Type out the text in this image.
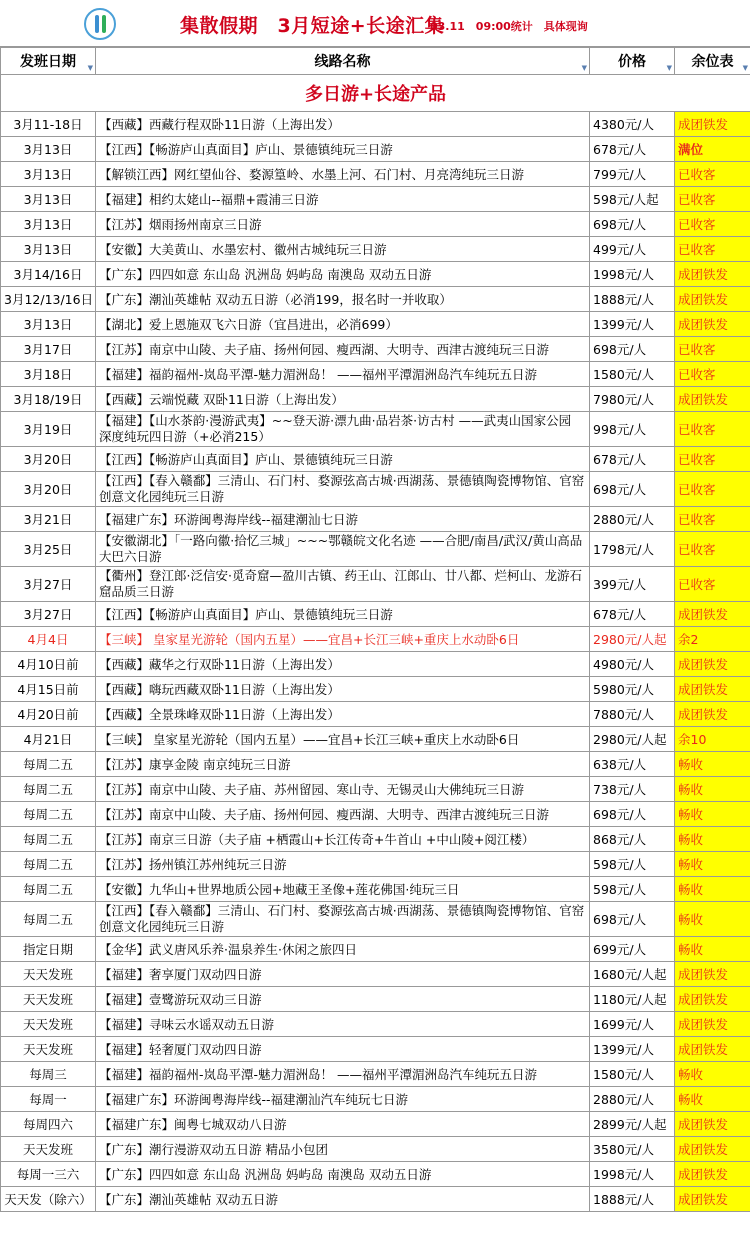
集散假期　3月短途+长途汇集
03.11　09:00统计　具体现询
发班日期 ▼	线路名称 ▼	价格 ▼	余位表 ▼

多日游+长途产品			
3月11-18日	【西藏】西藏行程双卧11日游（上海出发）	4380元/人	成团铁发
3月13日	【江西】【畅游庐山真面目】庐山、景德镇纯玩三日游	678元/人	满位
3月13日	【解锁江西】网红望仙谷、婺源篁岭、水墨上河、石门村、月亮湾纯玩三日游	799元/人	已收客
3月13日	【福建】相约太姥山--福鼎+霞浦三日游	598元/人起	已收客
3月13日	【江苏】烟雨扬州南京三日游	698元/人	已收客
3月13日	【安徽】大美黄山、水墨宏村、徽州古城纯玩三日游	499元/人	已收客
3月14/16日	【广东】四四如意 东山岛 汎洲岛 妈屿岛 南澳岛 双动五日游	1998元/人	成团铁发
3月12/13/16日	【广东】潮汕英雄帖 双动五日游（必消199，报名时一并收取）	1888元/人	成团铁发
3月13日	【湖北】爱上恩施双飞六日游（宜昌进出，必消699）	1399元/人	成团铁发
3月17日	【江苏】南京中山陵、夫子庙、扬州何园、瘦西湖、大明寺、西津古渡纯玩三日游	698元/人	已收客
3月18日	【福建】福韵福州-岚岛平潭-魅力湄洲岛！ ——福州平潭湄洲岛汽车纯玩五日游	1580元/人	已收客
3月18/19日	【西藏】云端悦藏 双卧11日游（上海出发）	7980元/人	成团铁发
3月19日	【福建】【山水茶韵·漫游武夷】~~登天游·漂九曲·品岩茶·访古村 ——武夷山国家公园 深度纯玩四日游（+必消215）	998元/人	已收客
3月20日	【江西】【畅游庐山真面目】庐山、景德镇纯玩三日游	678元/人	已收客
3月20日	【江西】【春入赣鄱】三清山、石门村、婺源弦高古城·西湖荡、景德镇陶瓷博物馆、官窑创意文化园纯玩三日游	698元/人	已收客
3月21日	【福建广东】环游闽粤海岸线--福建潮汕七日游	2880元/人	已收客
3月25日	【安徽湖北】「一路向徽·拾忆三城」~~~鄂赣皖文化名迹 ——合肥/南昌/武汉/黄山高品大巴六日游	1798元/人	已收客
3月27日	【衢州】登江郎·泛信安·觅奇窟—盈川古镇、药王山、江郎山、廿八都、烂柯山、龙游石窟品质三日游	399元/人	已收客
3月27日	【江西】【畅游庐山真面目】庐山、景德镇纯玩三日游	678元/人	成团铁发
4月4日	【三峡】 皇家星光游轮（国内五星）——宜昌+长江三峡+重庆上水动卧6日	2980元/人起	余2
4月10日前	【西藏】藏华之行双卧11日游（上海出发）	4980元/人	成团铁发
4月15日前	【西藏】嗨玩西藏双卧11日游（上海出发）	5980元/人	成团铁发
4月20日前	【西藏】全景珠峰双卧11日游（上海出发）	7880元/人	成团铁发
4月21日	【三峡】 皇家星光游轮（国内五星）——宜昌+长江三峡+重庆上水动卧6日	2980元/人起	余10
每周二五	【江苏】康享金陵 南京纯玩三日游	638元/人	畅收
每周二五	【江苏】南京中山陵、夫子庙、苏州留园、寒山寺、无锡灵山大佛纯玩三日游	738元/人	畅收
每周二五	【江苏】南京中山陵、夫子庙、扬州何园、瘦西湖、大明寺、西津古渡纯玩三日游	698元/人	畅收
每周二五	【江苏】南京三日游（夫子庙 +栖霞山+长江传奇+牛首山 +中山陵+阅江楼）	868元/人	畅收
每周二五	【江苏】扬州镇江苏州纯玩三日游	598元/人	畅收
每周二五	【安徽】九华山+世界地质公园+地藏王圣像+莲花佛国·纯玩三日	598元/人	畅收
每周二五	【江西】【春入赣鄱】三清山、石门村、婺源弦高古城·西湖荡、景德镇陶瓷博物馆、官窑创意文化园纯玩三日游	698元/人	畅收
指定日期	【金华】武义唐风乐养·温泉养生·休闲之旅四日	699元/人	畅收
天天发班	【福建】奢享厦门双动四日游	1680元/人起	成团铁发
天天发班	【福建】壹鹭游玩双动三日游	1180元/人起	成团铁发
天天发班	【福建】寻味云水谣双动五日游	1699元/人	成团铁发
天天发班	【福建】轻奢厦门双动四日游	1399元/人	成团铁发
每周三	【福建】福韵福州-岚岛平潭-魅力湄洲岛！ ——福州平潭湄洲岛汽车纯玩五日游	1580元/人	畅收
每周一	【福建广东】环游闽粤海岸线--福建潮汕汽车纯玩七日游	2880元/人	畅收
每周四六	【福建广东】闽粤七城双动八日游	2899元/人起	成团铁发
天天发班	【广东】潮行漫游双动五日游 精品小包团	3580元/人	成团铁发
每周一三六	【广东】四四如意 东山岛 汎洲岛 妈屿岛 南澳岛 双动五日游	1998元/人	成团铁发
天天发（除六）	【广东】潮汕英雄帖 双动五日游	1888元/人	成团铁发
